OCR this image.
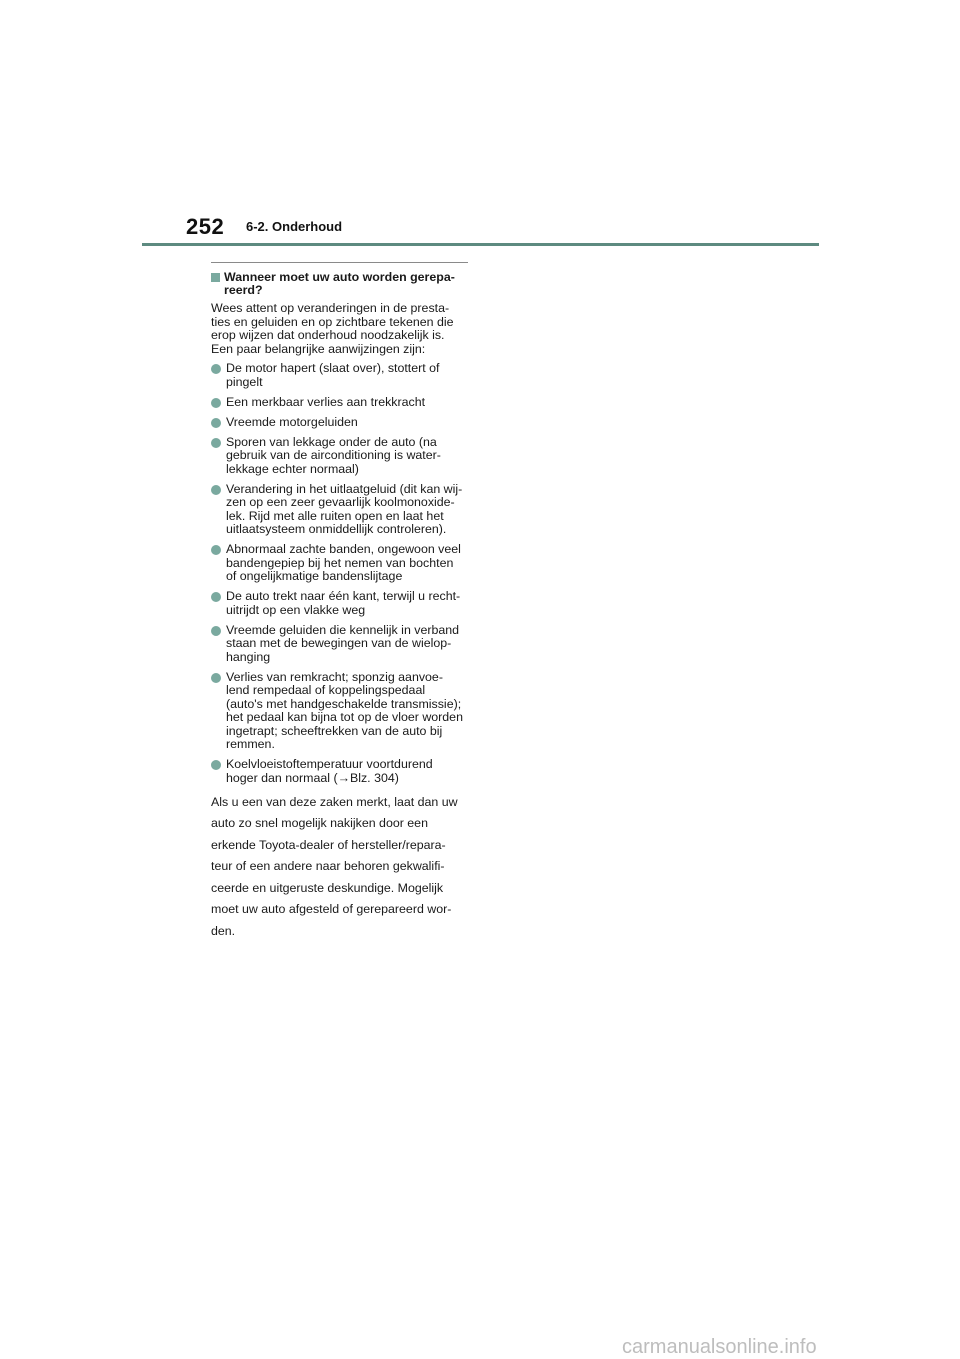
252 6-2. Onderhoud
Wanneer moet uw auto worden gerepa-
reerd?

Wees attent op veranderingen in de presta-
ties en geluiden en op zichtbare tekenen die
erop wijzen dat onderhoud noodzakelijk is.
Een paar belangrijke aanwijzingen zijn:

De motor hapert (slaat over), stottert of
pingelt
Een merkbaar verlies aan trekkracht
Vreemde motorgeluiden
Sporen van lekkage onder de auto (na
gebruik van de airconditioning is water-
lekkage echter normaal)
Verandering in het uitlaatgeluid (dit kan wij-
zen op een zeer gevaarlijk koolmonoxide-
lek. Rijd met alle ruiten open en laat het
uitlaatsysteem onmiddellijk controleren).
Abnormaal zachte banden, ongewoon veel
bandengepiep bij het nemen van bochten
of ongelijkmatige bandenslijtage
De auto trekt naar één kant, terwijl u recht-
uitrijdt op een vlakke weg
Vreemde geluiden die kennelijk in verband
staan met de bewegingen van de wielop-
hanging
Verlies van remkracht; sponzig aanvoe-
lend rempedaal of koppelingspedaal
(auto's met handgeschakelde transmissie);
het pedaal kan bijna tot op de vloer worden
ingetrapt; scheeftrekken van de auto bij
remmen.
Koelvloeistoftemperatuur voortdurend
hoger dan normaal (→Blz. 304)

Als u een van deze zaken merkt, laat dan uw
auto zo snel mogelijk nakijken door een
erkende Toyota-dealer of hersteller/repara-
teur of een andere naar behoren gekwalifi-
ceerde en uitgeruste deskundige. Mogelijk
moet uw auto afgesteld of gerepareerd wor-
den.

carmanualsonline.info
